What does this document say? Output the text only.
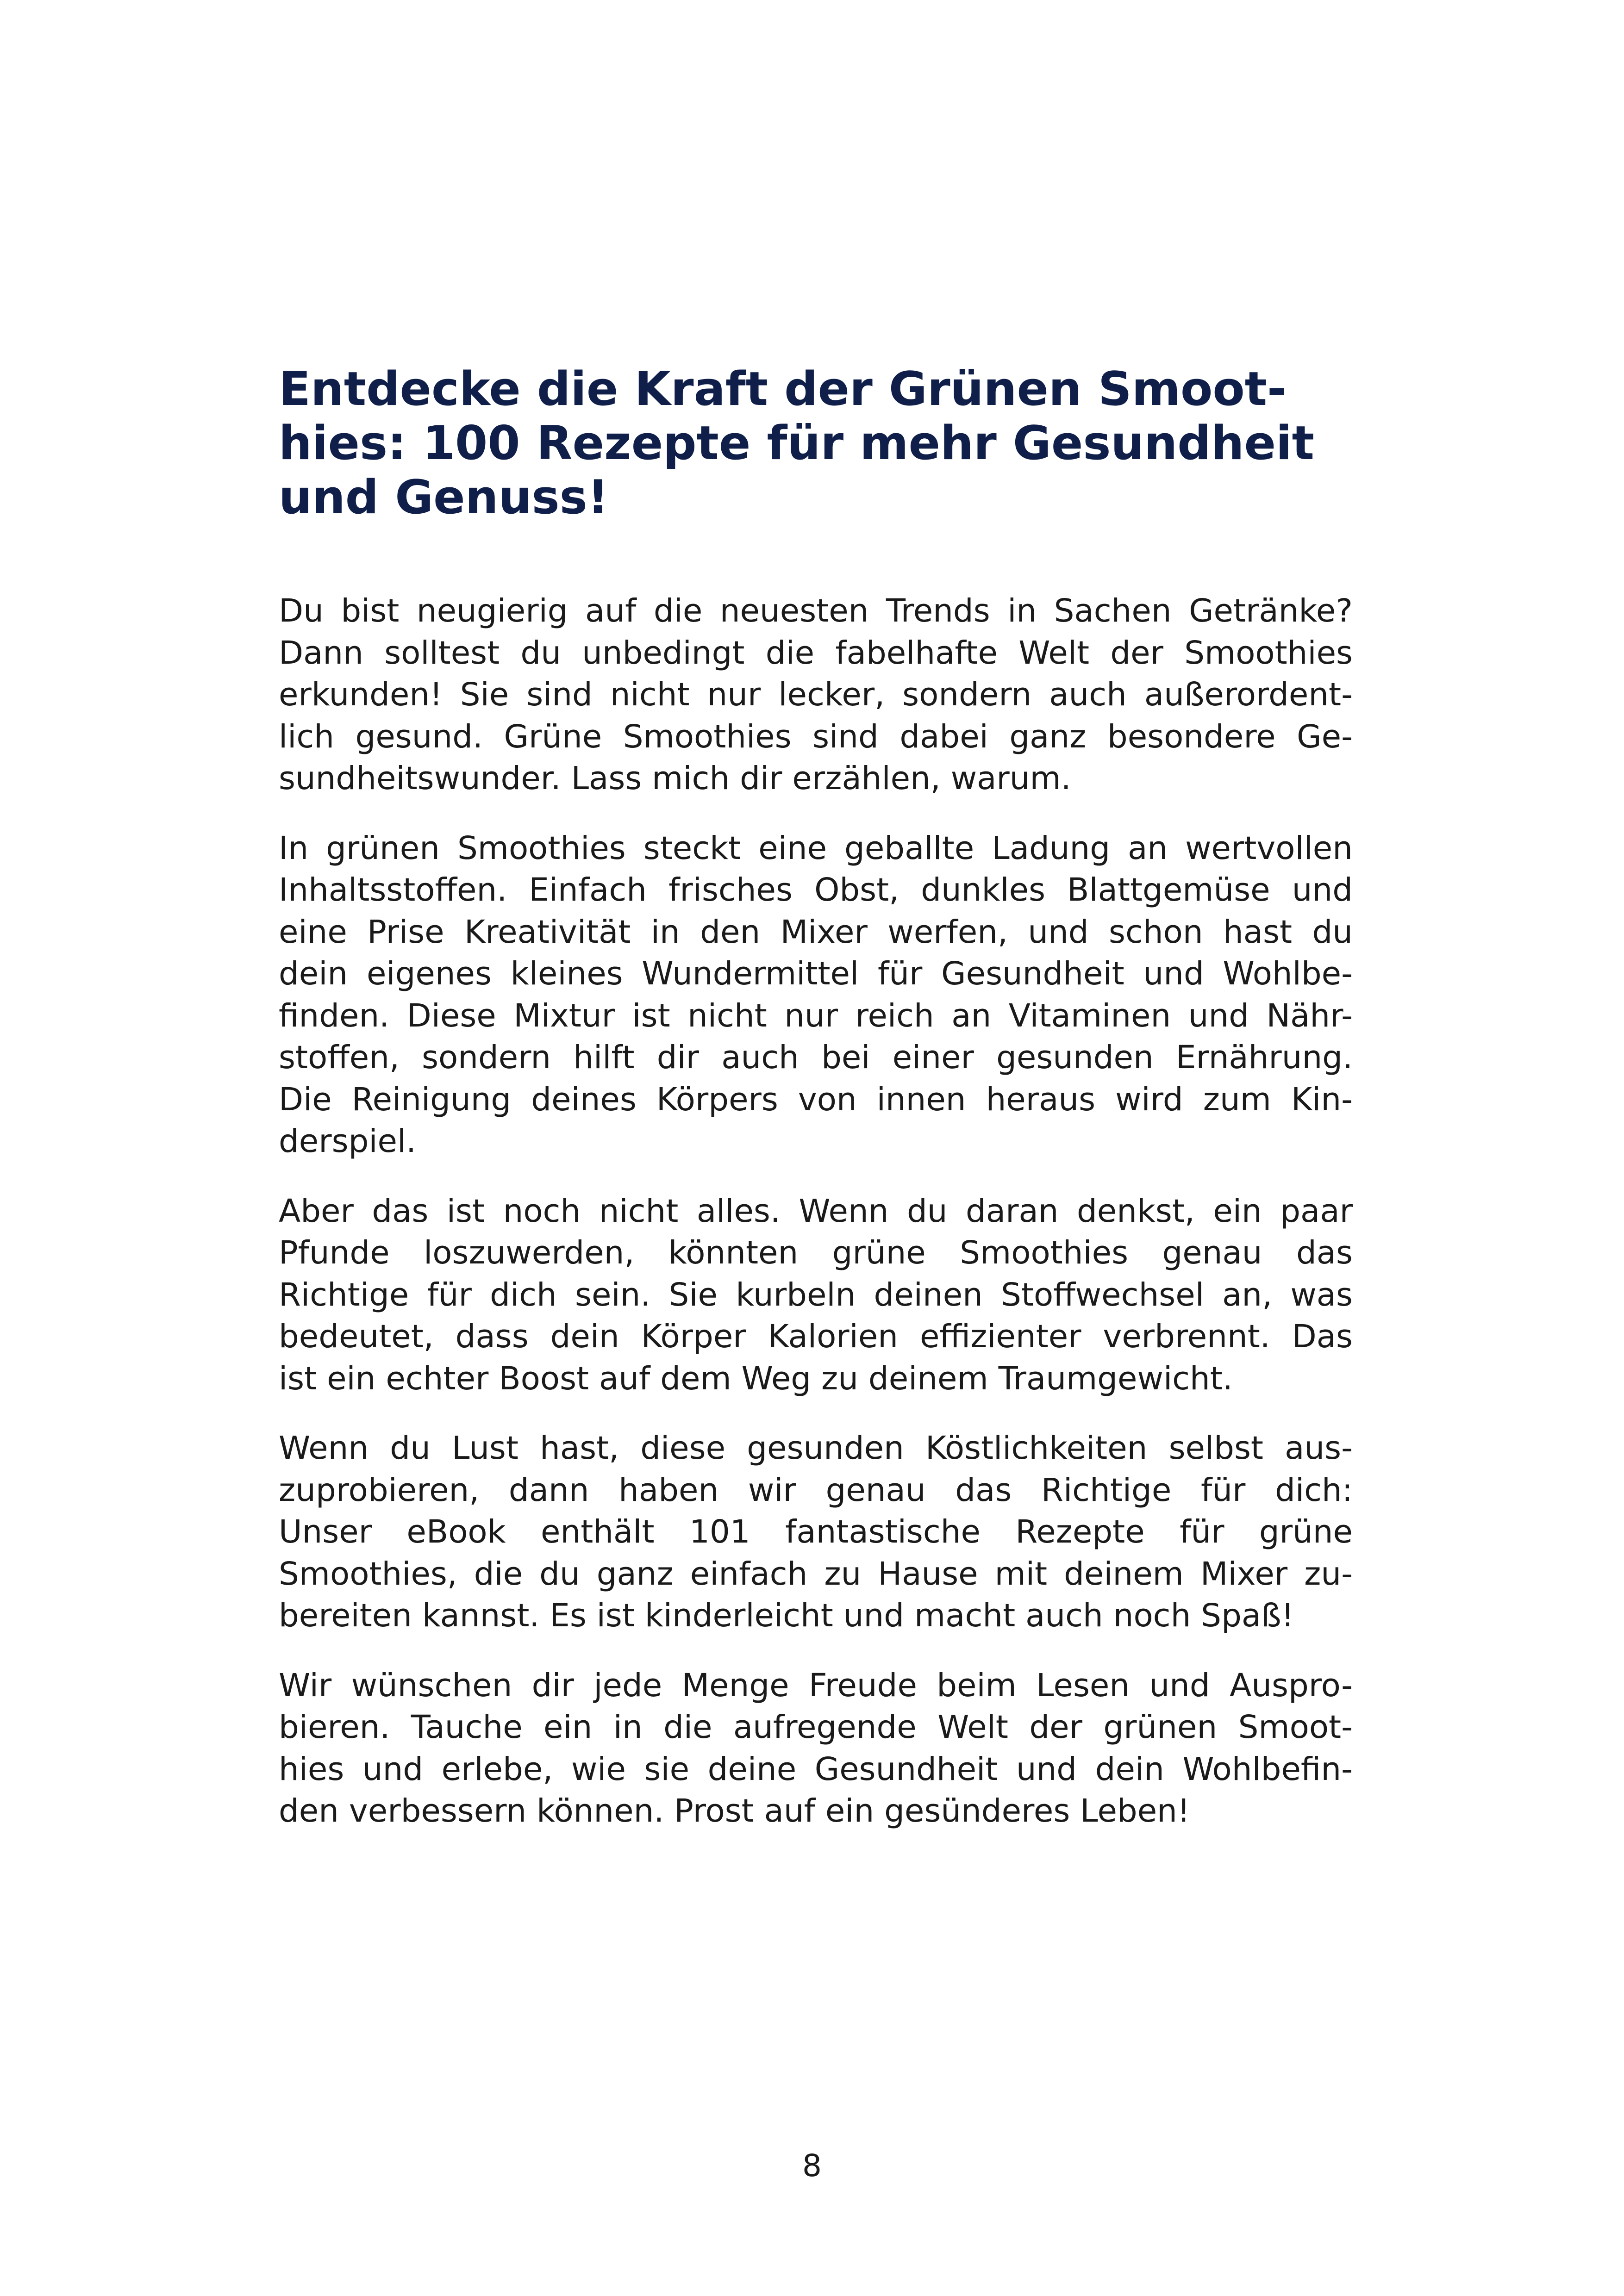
Entdecke die Kraft der Grünen Smoot-
hies: 100 Rezepte für mehr Gesundheit
und Genuss!

Du bist neugierig auf die neuesten Trends in Sachen Getränke?
Dann solltest du unbedingt die fabelhafte Welt der Smoothies
erkunden! Sie sind nicht nur lecker, sondern auch außerordent-
lich gesund. Grüne Smoothies sind dabei ganz besondere Ge-
sundheitswunder. Lass mich dir erzählen, warum.

In grünen Smoothies steckt eine geballte Ladung an wertvollen
Inhaltsstoffen. Einfach frisches Obst, dunkles Blattgemüse und
eine Prise Kreativität in den Mixer werfen, und schon hast du
dein eigenes kleines Wundermittel für Gesundheit und Wohlbe-
finden. Diese Mixtur ist nicht nur reich an Vitaminen und Nähr-
stoffen, sondern hilft dir auch bei einer gesunden Ernährung.
Die Reinigung deines Körpers von innen heraus wird zum Kin-
derspiel.

Aber das ist noch nicht alles. Wenn du daran denkst, ein paar
Pfunde loszuwerden, könnten grüne Smoothies genau das
Richtige für dich sein. Sie kurbeln deinen Stoffwechsel an, was
bedeutet, dass dein Körper Kalorien effizienter verbrennt. Das
ist ein echter Boost auf dem Weg zu deinem Traumgewicht.

Wenn du Lust hast, diese gesunden Köstlichkeiten selbst aus-
zuprobieren, dann haben wir genau das Richtige für dich:
Unser eBook enthält 101 fantastische Rezepte für grüne
Smoothies, die du ganz einfach zu Hause mit deinem Mixer zu-
bereiten kannst. Es ist kinderleicht und macht auch noch Spaß!

Wir wünschen dir jede Menge Freude beim Lesen und Auspro-
bieren. Tauche ein in die aufregende Welt der grünen Smoot-
hies und erlebe, wie sie deine Gesundheit und dein Wohlbefin-
den verbessern können. Prost auf ein gesünderes Leben!

8
